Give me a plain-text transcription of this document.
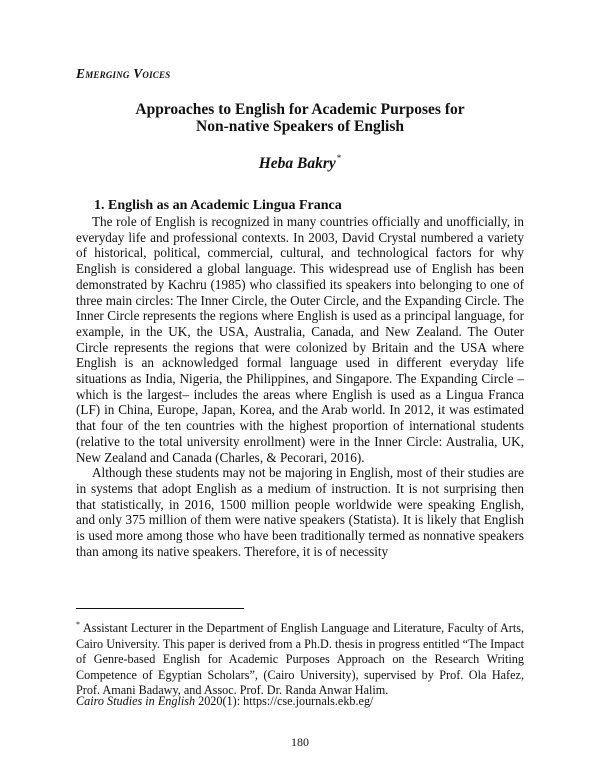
Emerging Voices
Approaches to English for Academic Purposes for
Non-native Speakers of English
Heba Bakry*
1. English as an Academic Lingua Franca

The role of English is recognized in many countries officially and unofficially, in everyday life and professional contexts. In 2003, David Crystal numbered a variety of historical, political, commercial, cultural, and technological factors for why English is considered a global language. This widespread use of English has been demonstrated by Kachru (1985) who classified its speakers into belonging to one of three main circles: The Inner Circle, the Outer Circle, and the Expanding Circle. The Inner Circle represents the regions where English is used as a principal language, for example, in the UK, the USA, Australia, Canada, and New Zealand. The Outer Circle represents the regions that were colonized by Britain and the USA where English is an acknowledged formal language used in different everyday life situations as India, Nigeria, the Philippines, and Singapore. The Expanding Circle –which is the largest– includes the areas where English is used as a Lingua Franca (LF) in China, Europe, Japan, Korea, and the Arab world. In 2012, it was estimated that four of the ten countries with the highest proportion of international students (relative to the total university enrollment) were in the Inner Circle: Australia, UK, New Zealand and Canada (Charles, & Pecorari, 2016).

Although these students may not be majoring in English, most of their studies are in systems that adopt English as a medium of instruction. It is not surprising then that statistically, in 2016, 1500 million people worldwide were speaking English, and only 375 million of them were native speakers (Statista). It is likely that English is used more among those who have been traditionally termed as nonnative speakers than among its native speakers. Therefore, it is of necessity

* Assistant Lecturer in the Department of English Language and Literature, Faculty of Arts, Cairo University. This paper is derived from a Ph.D. thesis in progress entitled “The Impact of Genre-based English for Academic Purposes Approach on the Research Writing Competence of Egyptian Scholars”, (Cairo University), supervised by Prof. Ola Hafez, Prof. Amani Badawy, and Assoc. Prof. Dr. Randa Anwar Halim.
Cairo Studies in English 2020(1): https://cse.journals.ekb.eg/
180
